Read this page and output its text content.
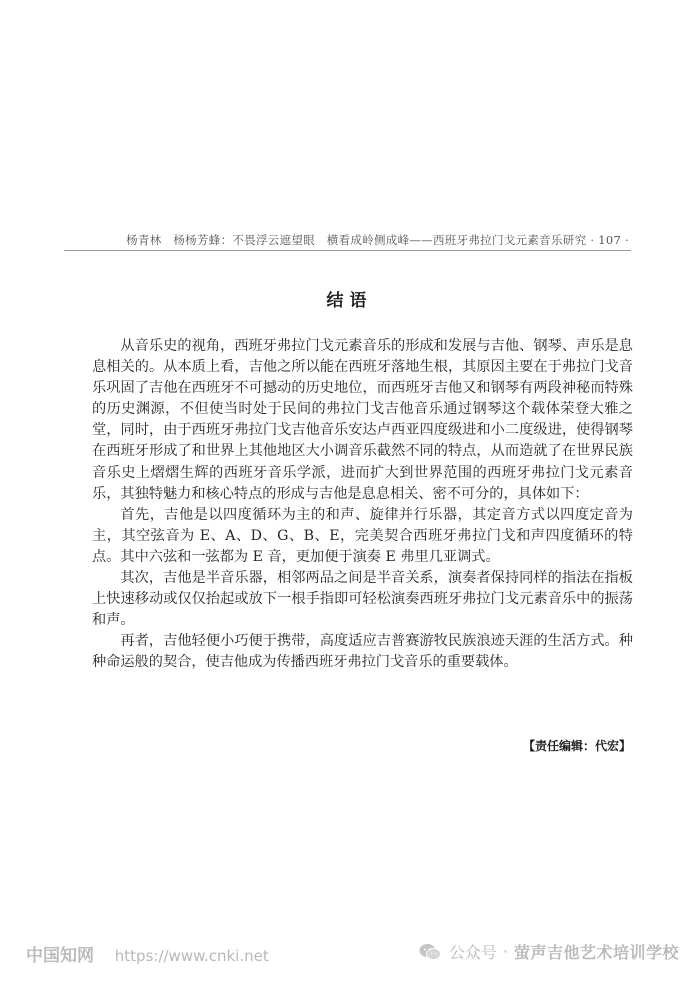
杨青林　杨杨芳蜂：不畏浮云遮望眼　横看成岭侧成峰——西班牙弗拉门戈元素音乐研究 · 107 ·
结语

从音乐史的视角，西班牙弗拉门戈元素音乐的形成和发展与吉他、钢琴、声乐是息息相关的。从本质上看，吉他之所以能在西班牙落地生根，其原因主要在于弗拉门戈音乐巩固了吉他在西班牙不可撼动的历史地位，而西班牙吉他又和钢琴有两段神秘而特殊的历史渊源，不但使当时处于民间的弗拉门戈吉他音乐通过钢琴这个载体荣登大雅之堂，同时，由于西班牙弗拉门戈吉他音乐安达卢西亚四度级进和小二度级进，使得钢琴在西班牙形成了和世界上其他地区大小调音乐截然不同的特点，从而造就了在世界民族音乐史上熠熠生辉的西班牙音乐学派，进而扩大到世界范围的西班牙弗拉门戈元素音乐，其独特魅力和核心特点的形成与吉他是息息相关、密不可分的，具体如下：

首先，吉他是以四度循环为主的和声、旋律并行乐器，其定音方式以四度定音为主，其空弦音为 E、A、D、G、B、E，完美契合西班牙弗拉门戈和声四度循环的特点。其中六弦和一弦都为 E 音，更加便于演奏 E 弗里几亚调式。

其次，吉他是半音乐器，相邻两品之间是半音关系，演奏者保持同样的指法在指板上快速移动或仅仅抬起或放下一根手指即可轻松演奏西班牙弗拉门戈元素音乐中的振荡和声。

再者，吉他轻便小巧便于携带，高度适应吉普赛游牧民族浪迹天涯的生活方式。种种命运般的契合，使吉他成为传播西班牙弗拉门戈音乐的重要载体。

【责任编辑：代宏】
中国知网 https://www.cnki.net	公众号 · 萤声吉他艺术培训学校
